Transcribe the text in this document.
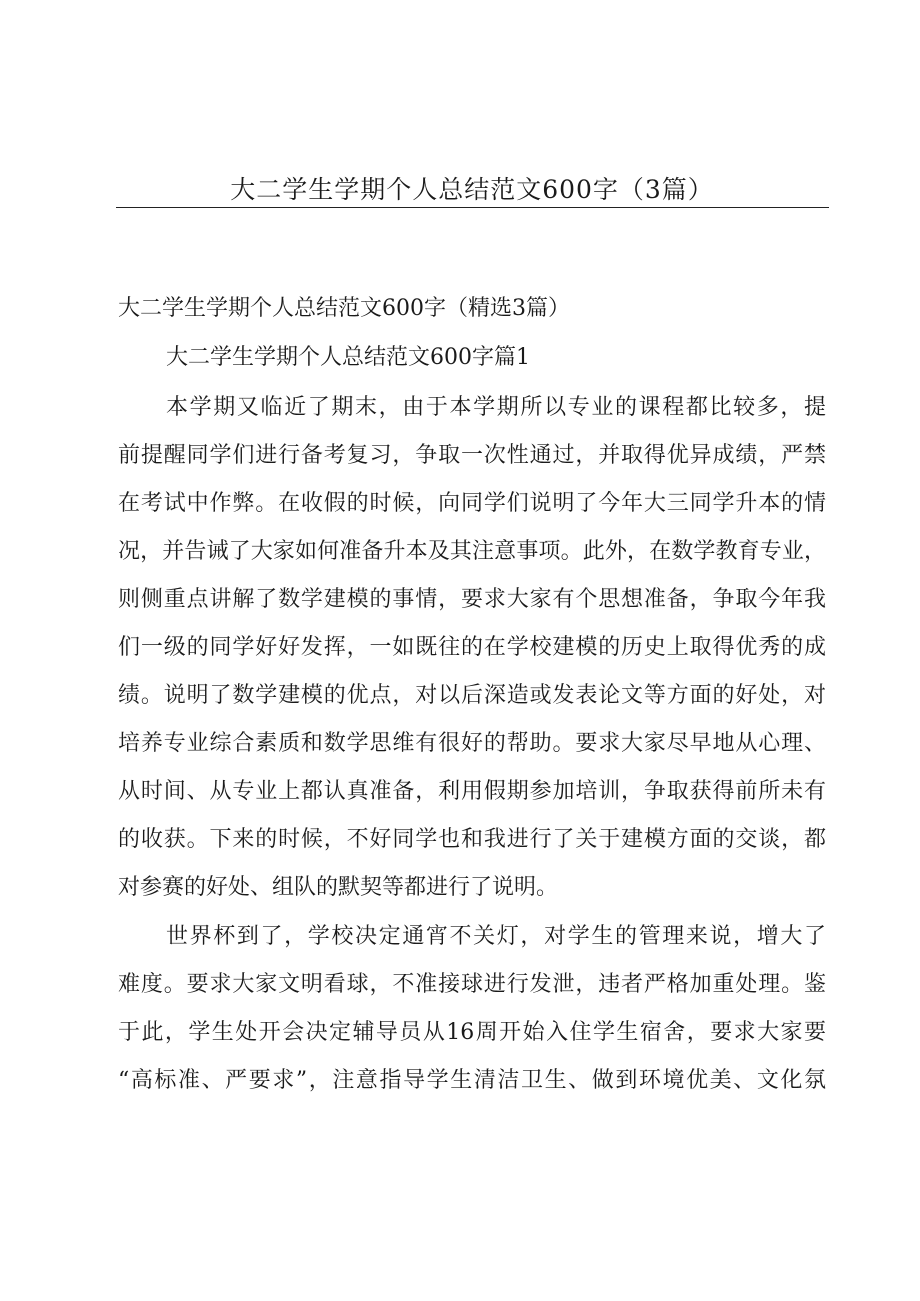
大二学生学期个人总结范文600字（3篇）
大二学生学期个人总结范文600字（精选3篇）
大二学生学期个人总结范文600字篇1
本学期又临近了期末，由于本学期所以专业的课程都比较多，提
前提醒同学们进行备考复习，争取一次性通过，并取得优异成绩，严禁
在考试中作弊。在收假的时候，向同学们说明了今年大三同学升本的情
况，并告诫了大家如何准备升本及其注意事项。此外，在数学教育专业，
则侧重点讲解了数学建模的事情，要求大家有个思想准备，争取今年我
们一级的同学好好发挥，一如既往的在学校建模的历史上取得优秀的成
绩。说明了数学建模的优点，对以后深造或发表论文等方面的好处，对
培养专业综合素质和数学思维有很好的帮助。要求大家尽早地从心理、
从时间、从专业上都认真准备，利用假期参加培训，争取获得前所未有
的收获。下来的时候，不好同学也和我进行了关于建模方面的交谈，都
对参赛的好处、组队的默契等都进行了说明。
世界杯到了，学校决定通宵不关灯，对学生的管理来说，增大了
难度。要求大家文明看球，不准接球进行发泄，违者严格加重处理。鉴
于此，学生处开会决定辅导员从16周开始入住学生宿舍，要求大家要
“高标准、严要求”，注意指导学生清洁卫生、做到环境优美、文化氛
